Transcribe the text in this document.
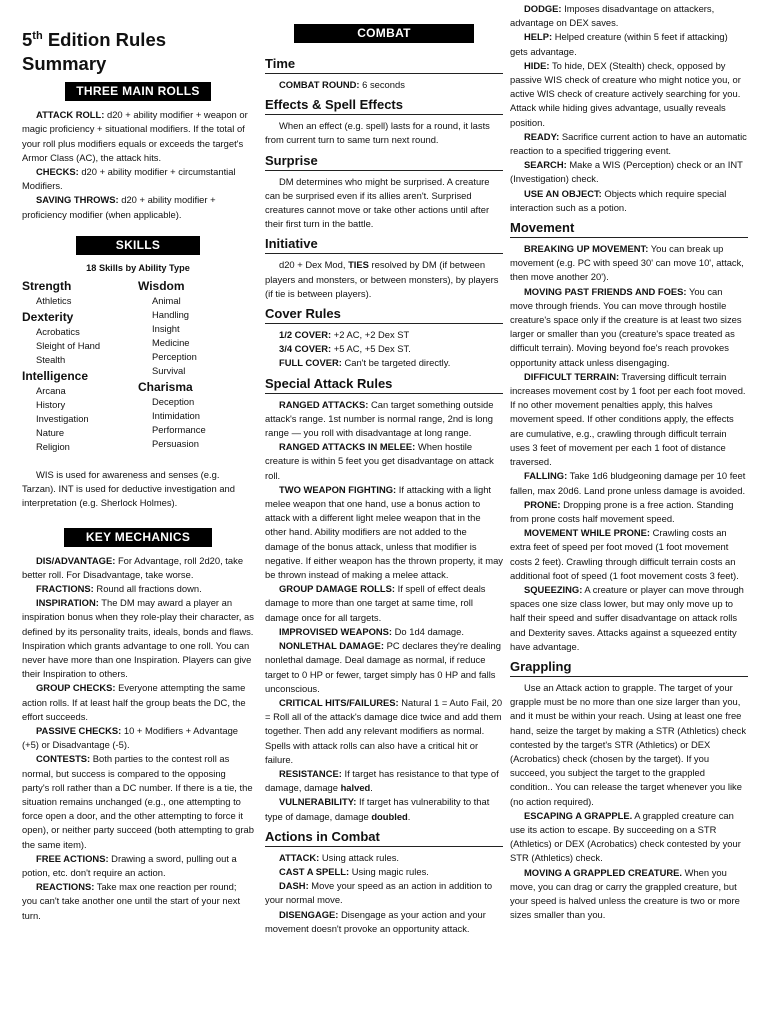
5th Edition Rules Summary
THREE MAIN ROLLS

ATTACK ROLL: d20 + ability modifier + weapon or magic proficiency + situational modifiers. If the total of your roll plus modifiers equals or exceeds the target's Armor Class (AC), the attack hits.

CHECKS: d20 + ability modifier + circumstantial Modifiers.

SAVING THROWS: d20 + ability modifier + proficiency modifier (when applicable).

SKILLS
18 Skills by Ability Type
Strength
Athletics
Dexterity
Acrobatics
Sleight of Hand
Stealth
Intelligence
Arcana
History
Investigation
Nature
Religion
Wisdom
Animal
Handling
Insight
Medicine
Perception
Survival
Charisma
Deception
Intimidation
Performance
Persuasion

WIS is used for awareness and senses (e.g. Tarzan). INT is used for deductive investigation and interpretation (e.g. Sherlock Holmes).

KEY MECHANICS

DIS/ADVANTAGE: For Advantage, roll 2d20, take better roll. For Disadvantage, take worse.

FRACTIONS: Round all fractions down.

INSPIRATION: The DM may award a player an inspiration bonus when they role-play their character, as defined by its personality traits, ideals, bonds and flaws. Inspiration which grants advantage to one roll. You can never have more than one Inspiration. Players can give their Inspiration to others.

GROUP CHECKS: Everyone attempting the same action rolls. If at least half the group beats the DC, the effort succeeds.

PASSIVE CHECKS: 10 + Modifiers + Advantage (+5) or Disadvantage (-5).

CONTESTS: Both parties to the contest roll as normal, but success is compared to the opposing party's roll rather than a DC number. If there is a tie, the situation remains unchanged (e.g., one attempting to force open a door, and the other attempting to force it open), or neither party succeed (both attempting to grab the same item).

FREE ACTIONS: Drawing a sword, pulling out a potion, etc. don't require an action.

REACTIONS: Take max one reaction per round; you can't take another one until the start of your next turn.

COMBAT
Time

COMBAT ROUND: 6 seconds

Effects & Spell Effects

When an effect (e.g. spell) lasts for a round, it lasts from current turn to same turn next round.

Surprise

DM determines who might be surprised. A creature can be surprised even if its allies aren't. Surprised creatures cannot move or take other actions until after their first turn in the battle.

Initiative

d20 + Dex Mod, TIES resolved by DM (if between players and monsters, or between monsters), by players (if tie is between players).

Cover Rules

1/2 COVER: +2 AC, +2 Dex ST

3/4 COVER: +5 AC, +5 Dex ST.

FULL COVER: Can't be targeted directly.

Special Attack Rules

RANGED ATTACKS: Can target something outside attack's range. 1st number is normal range, 2nd is long range — you roll with disadvantage at long range.

RANGED ATTACKS IN MELEE: When hostile creature is within 5 feet you get disadvantage on attack roll.

TWO WEAPON FIGHTING: If attacking with a light melee weapon that one hand, use a bonus action to attack with a different light melee weapon that in the other hand. Ability modifiers are not added to the damage of the bonus attack, unless that modifier is negative. If either weapon has the thrown property, it may be thrown instead of making a melee attack.

GROUP DAMAGE ROLLS: If spell of effect deals damage to more than one target at same time, roll damage once for all targets.

IMPROVISED WEAPONS: Do 1d4 damage.

NONLETHAL DAMAGE: PC declares they're dealing nonlethal damage. Deal damage as normal, if reduce target to 0 HP or fewer, target simply has 0 HP and falls unconscious.

CRITICAL HITS/FAILURES: Natural 1 = Auto Fail, 20 = Roll all of the attack's damage dice twice and add them together. Then add any relevant modifiers as normal. Spells with attack rolls can also have a critical hit or failure.

RESISTANCE: If target has resistance to that type of damage, damage halved.

VULNERABILITY: If target has vulnerability to that type of damage, damage doubled.

Actions in Combat

ATTACK: Using attack rules.

CAST A SPELL: Using magic rules.

DASH: Move your speed as an action in addition to your normal move.

DISENGAGE: Disengage as your action and your movement doesn't provoke an opportunity attack.

DODGE: Imposes disadvantage on attackers, advantage on DEX saves.

HELP: Helped creature (within 5 feet if attacking) gets advantage.

HIDE: To hide, DEX (Stealth) check, opposed by passive WIS check of creature who might notice you, or active WIS check of creature actively searching for you. Attack while hiding gives advantage, usually reveals position.

READY: Sacrifice current action to have an automatic reaction to a specified triggering event.

SEARCH: Make a WIS (Perception) check or an INT (Investigation) check.

USE AN OBJECT: Objects which require special interaction such as a potion.

Movement

BREAKING UP MOVEMENT: You can break up movement (e.g. PC with speed 30' can move 10', attack, then move another 20').

MOVING PAST FRIENDS AND FOES: You can move through friends. You can move through hostile creature's space only if the creature is at least two sizes larger or smaller than you (creature's space treated as difficult terrain). Moving beyond foe's reach provokes opportunity attack unless disengaging.

DIFFICULT TERRAIN: Traversing difficult terrain increases movement cost by 1 foot per each foot moved. If no other movement penalties apply, this halves movement speed. If other conditions apply, the effects are cumulative, e.g., crawling through difficult terrain uses 3 feet of movement per each 1 foot of distance traversed.

FALLING: Take 1d6 bludgeoning damage per 10 feet fallen, max 20d6. Land prone unless damage is avoided.

PRONE: Dropping prone is a free action. Standing from prone costs half movement speed.

MOVEMENT WHILE PRONE: Crawling costs an extra feet of speed per foot moved (1 foot movement costs 2 feet). Crawling through difficult terrain costs an additional foot of speed (1 foot movement costs 3 feet).

SQUEEZING: A creature or player can move through spaces one size class lower, but may only move up to half their speed and suffer disadvantage on attack rolls and Dexterity saves. Attacks against a squeezed entity have advantage.

Grappling

Use an Attack action to grapple. The target of your grapple must be no more than one size larger than you, and it must be within your reach. Using at least one free hand, seize the target by making a STR (Athletics) check contested by the target's STR (Athletics) or DEX (Acrobatics) check (chosen by the target). If you succeed, you subject the target to the grappled condition.. You can release the target whenever you like (no action required).

ESCAPING A GRAPPLE. A grappled creature can use its action to escape. By succeeding on a STR (Athletics) or DEX (Acrobatics) check contested by your STR (Athletics) check.

MOVING A GRAPPLED CREATURE. When you move, you can drag or carry the grappled creature, but your speed is halved unless the creature is two or more sizes smaller than you.
